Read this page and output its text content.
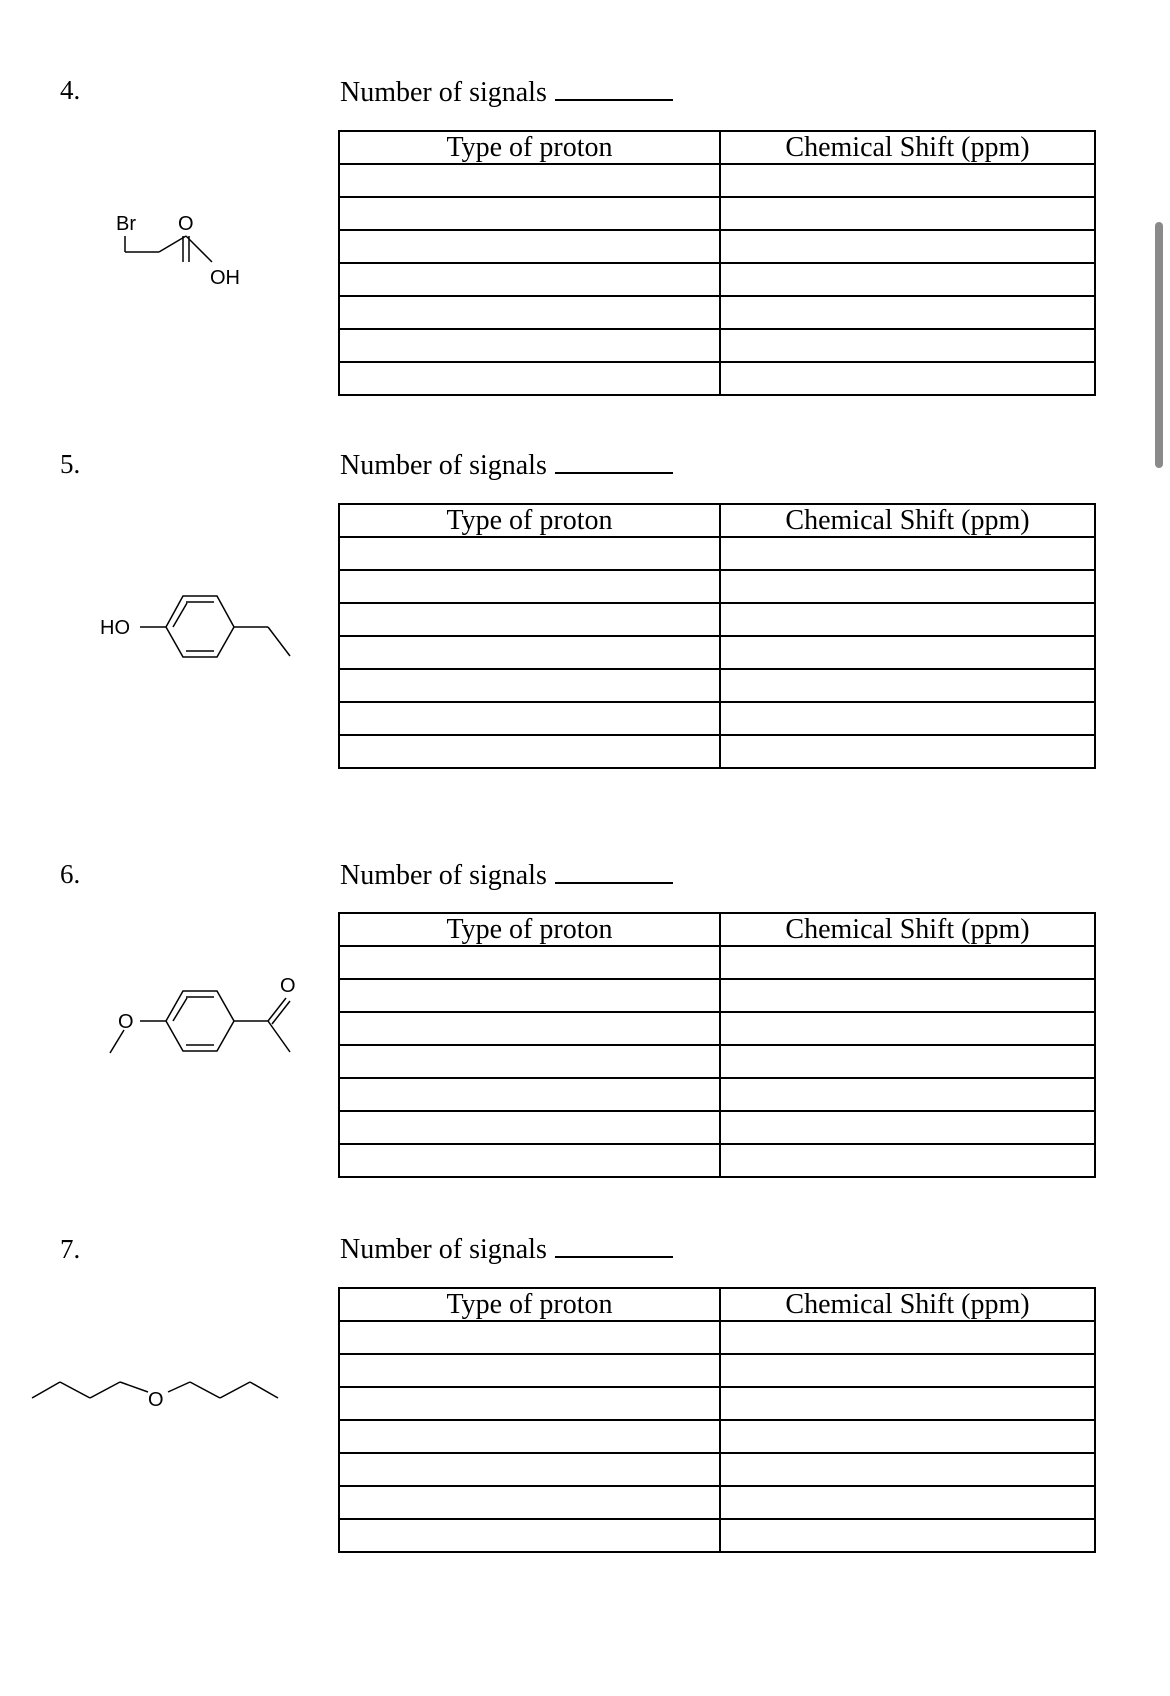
4.	Number of signals
Type of proton	Chemical Shift (ppm)

Br O
OH
5.	Number of signals
Type of proton	Chemical Shift (ppm)

HO
6.	Number of signals
Type of proton	Chemical Shift (ppm)

O
O
7.	Number of signals
Type of proton	Chemical Shift (ppm)

O
